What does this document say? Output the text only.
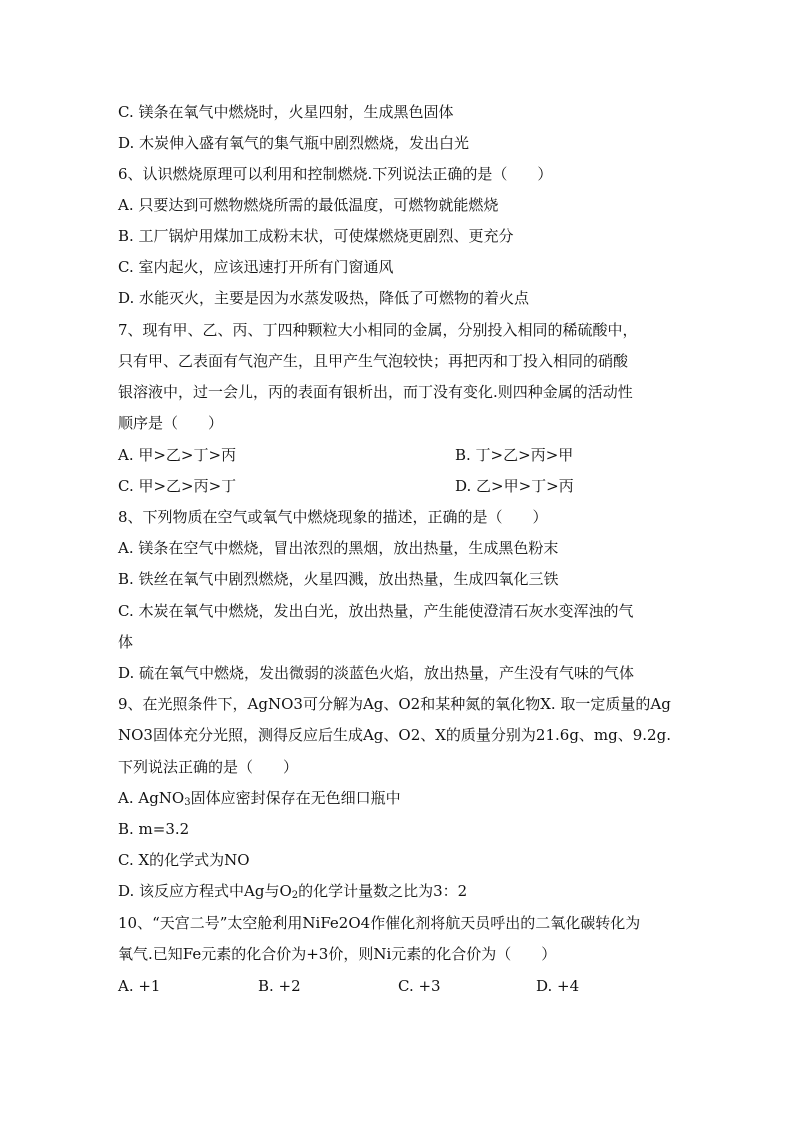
C. 镁条在氧气中燃烧时，火星四射，生成黑色固体
D. 木炭伸入盛有氧气的集气瓶中剧烈燃烧，发出白光
6、认识燃烧原理可以利用和控制燃烧.下列说法正确的是（　　）
A. 只要达到可燃物燃烧所需的最低温度，可燃物就能燃烧
B. 工厂锅炉用煤加工成粉末状，可使煤燃烧更剧烈、更充分
C. 室内起火，应该迅速打开所有门窗通风
D. 水能灭火，主要是因为水蒸发吸热，降低了可燃物的着火点
7、现有甲、乙、丙、丁四种颗粒大小相同的金属，分别投入相同的稀硫酸中，
只有甲、乙表面有气泡产生，且甲产生气泡较快；再把丙和丁投入相同的硝酸
银溶液中，过一会儿，丙的表面有银析出，而丁没有变化.则四种金属的活动性
顺序是（　　）
A. 甲>乙>丁>丙	B. 丁>乙>丙>甲
C. 甲>乙>丙>丁	D. 乙>甲>丁>丙
8、下列物质在空气或氧气中燃烧现象的描述，正确的是（　　）
A. 镁条在空气中燃烧，冒出浓烈的黑烟，放出热量，生成黑色粉末
B. 铁丝在氧气中剧烈燃烧，火星四溅，放出热量，生成四氧化三铁
C. 木炭在氧气中燃烧，发出白光，放出热量，产生能使澄清石灰水变浑浊的气
体
D. 硫在氧气中燃烧，发出微弱的淡蓝色火焰，放出热量，产生没有气味的气体
9、在光照条件下，AgNO3可分解为Ag、O2和某种氮的氧化物X. 取一定质量的Ag
NO3固体充分光照，测得反应后生成Ag、O2、X的质量分别为21.6g、mg、9.2g.
下列说法正确的是（　　）
A. AgNO$_3$固体应密封保存在无色细口瓶中
B. m=3.2
C. X的化学式为NO
D. 该反应方程式中Ag与$O_2$的化学计量数之比为3：2
10、“天宫二号”太空舱利用NiFe2O4作催化剂将航天员呼出的二氧化碳转化为
氧气.已知Fe元素的化合价为+3价，则Ni元素的化合价为（　　）
A. +1	B. +2	C. +3	D. +4
